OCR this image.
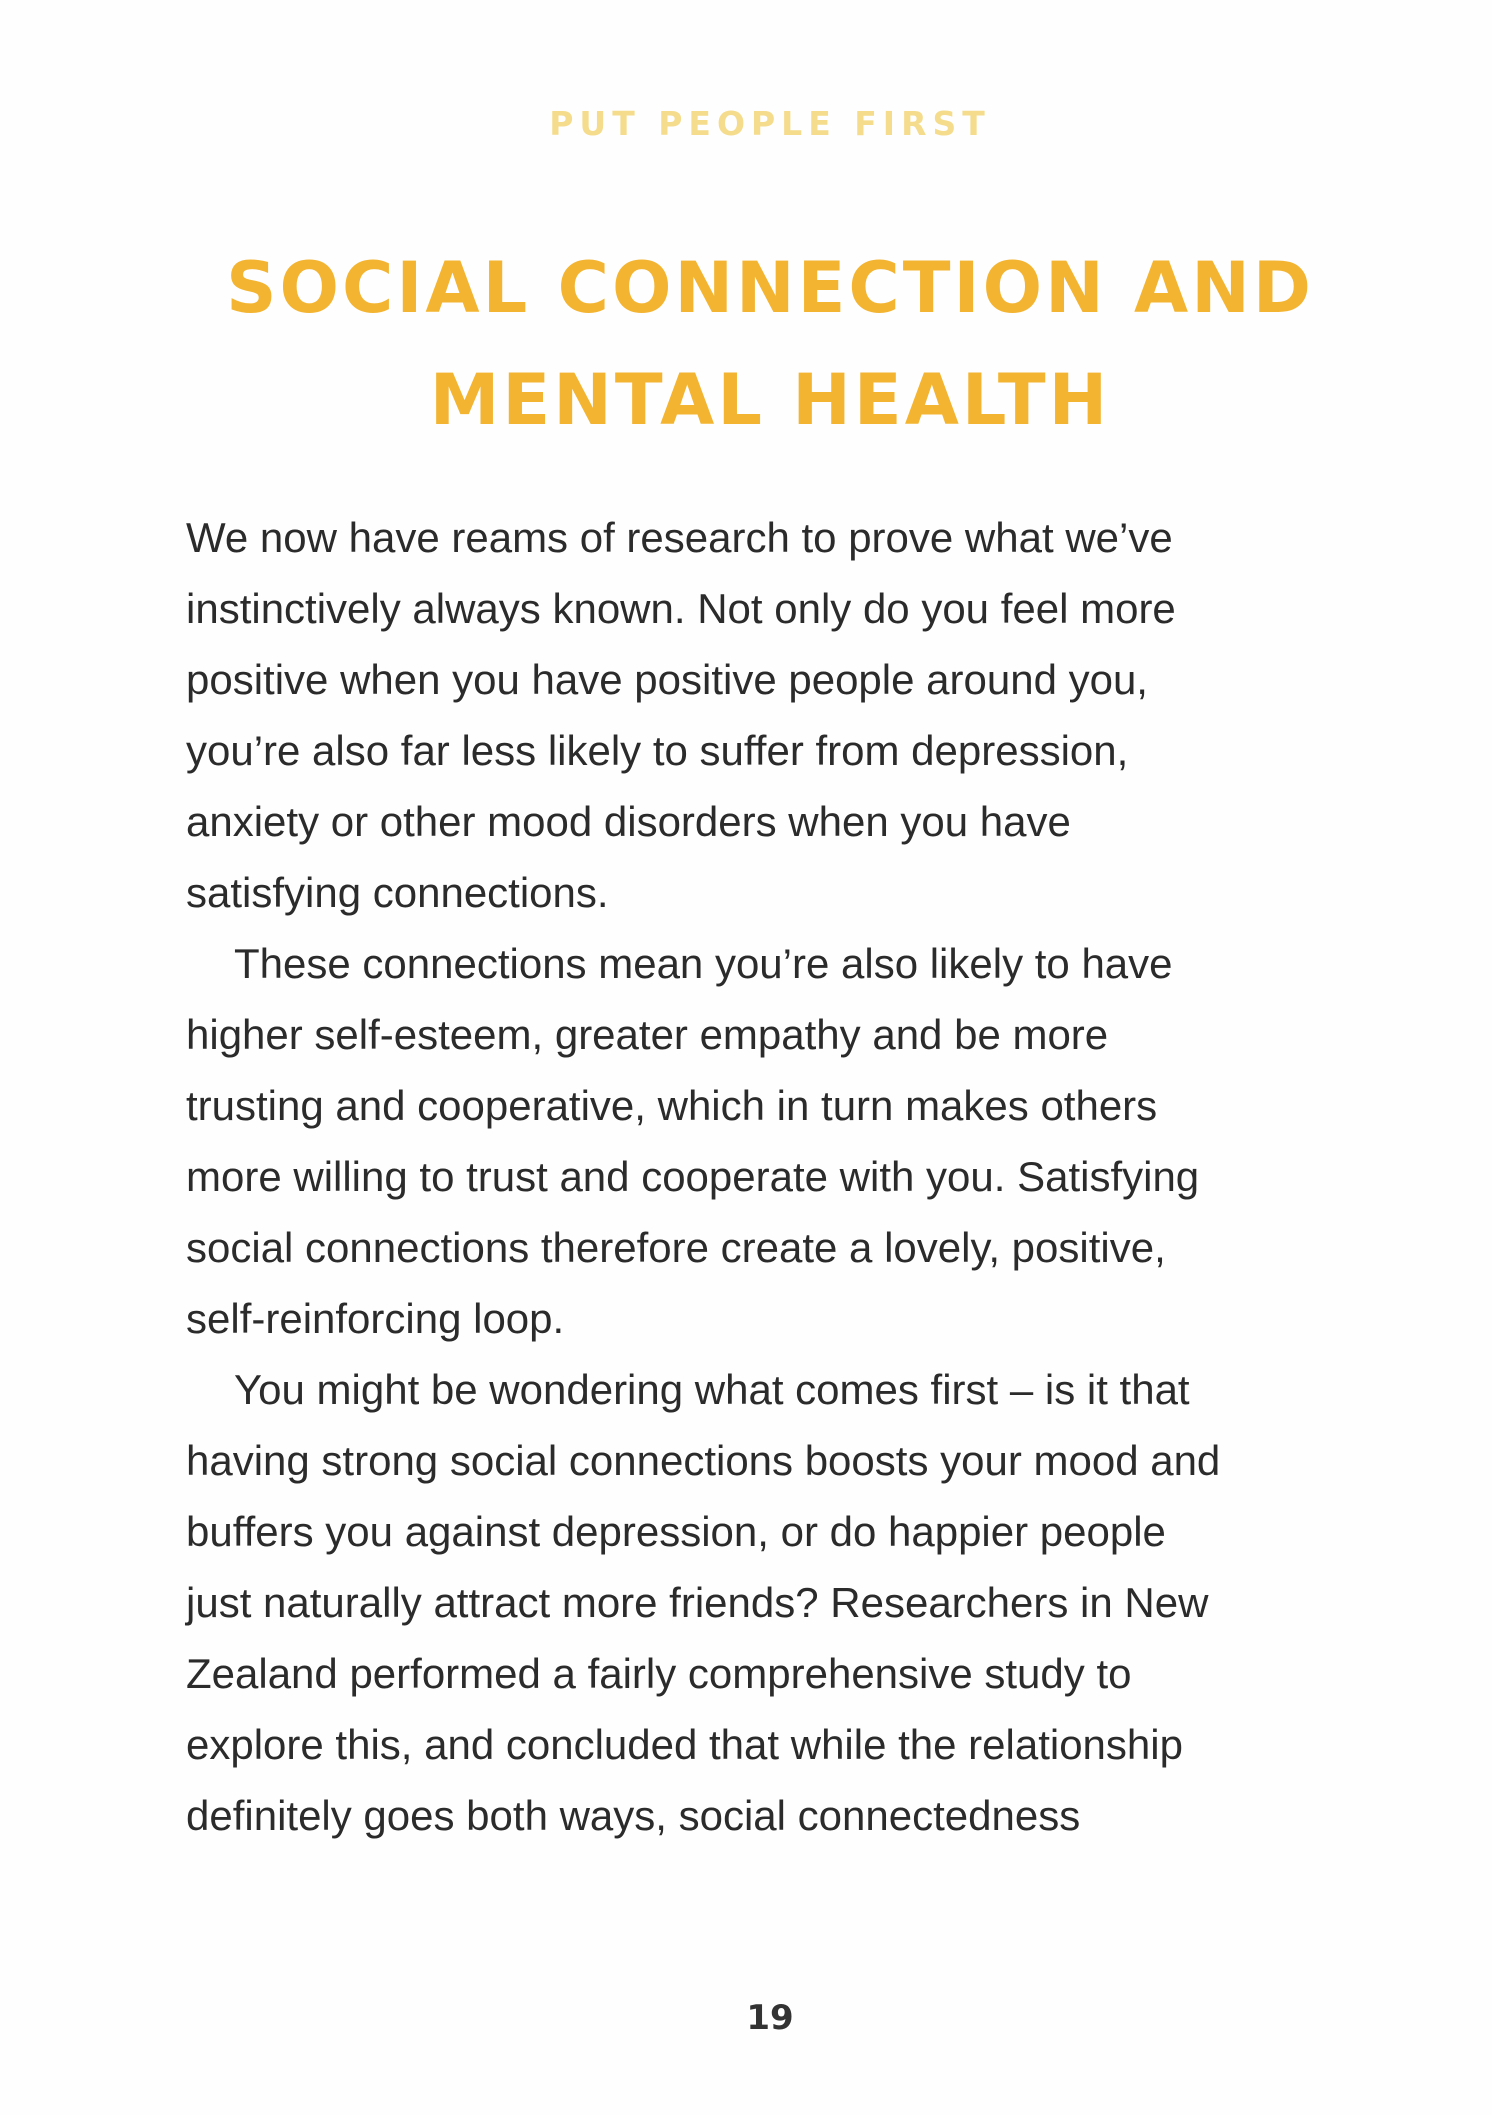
PUT PEOPLE FIRST
SOCIAL CONNECTION AND
MENTAL HEALTH
We now have reams of research to prove what we’ve
instinctively always known. Not only do you feel more
positive when you have positive people around you,
you’re also far less likely to suffer from depression,
anxiety or other mood disorders when you have
satisfying connections.
These connections mean you’re also likely to have
higher self-esteem, greater empathy and be more
trusting and cooperative, which in turn makes others
more willing to trust and cooperate with you. Satisfying
social connections therefore create a lovely, positive,
self-reinforcing loop.
You might be wondering what comes first – is it that
having strong social connections boosts your mood and
buffers you against depression, or do happier people
just naturally attract more friends? Researchers in New
Zealand performed a fairly comprehensive study to
explore this, and concluded that while the relationship
definitely goes both ways, social connectedness
19
